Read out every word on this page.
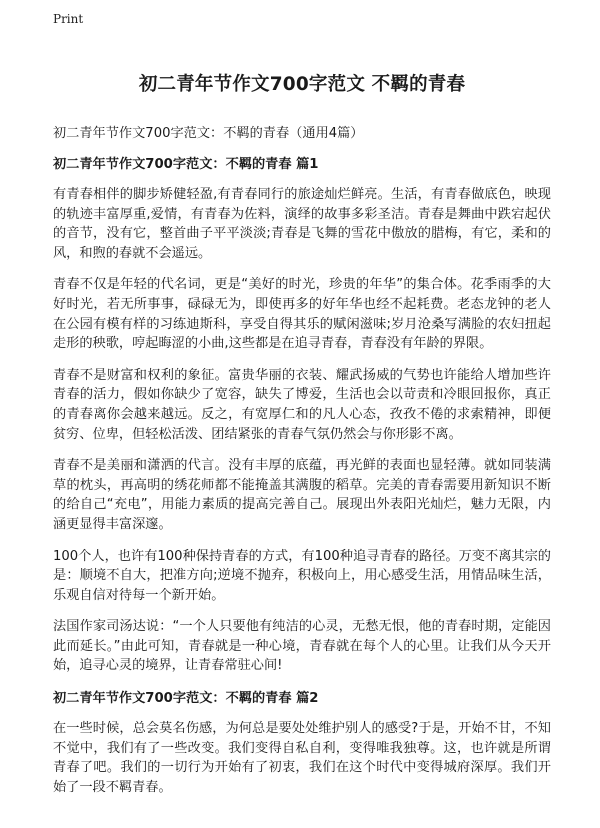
Print
初二青年节作文700字范文 不羁的青春
初二青年节作文700字范文：不羁的青春（通用4篇）
初二青年节作文700字范文：不羁的青春 篇1

有青春相伴的脚步矫健轻盈,有青春同行的旅途灿烂鲜亮。生活，有青春做底色，映现的轨迹丰富厚重,爱情，有青春为佐料，演绎的故事多彩圣洁。青春是舞曲中跌宕起伏的音节，没有它，整首曲子平平淡淡;青春是飞舞的雪花中傲放的腊梅，有它，柔和的风，和煦的春就不会遥远。

青春不仅是年轻的代名词，更是“美好的时光，珍贵的年华”的集合体。花季雨季的大好时光，若无所事事，碌碌无为，即使再多的好年华也经不起耗费。老态龙钟的老人在公园有模有样的习练迪斯科，享受自得其乐的赋闲滋味;岁月沧桑写满脸的农妇扭起走形的秧歌，哼起晦涩的小曲,这些都是在追寻青春，青春没有年龄的界限。

青春不是财富和权利的象征。富贵华丽的衣装、耀武扬威的气势也许能给人增加些许青春的活力，假如你缺少了宽容，缺失了博爱，生活也会以苛责和冷眼回报你，真正的青春离你会越来越远。反之，有宽厚仁和的凡人心态，孜孜不倦的求索精神，即便贫穷、位卑，但轻松活泼、团结紧张的青春气氛仍然会与你形影不离。

青春不是美丽和潇洒的代言。没有丰厚的底蕴，再光鲜的表面也显轻薄。就如同装满草的枕头，再高明的绣花师都不能掩盖其满腹的稻草。完美的青春需要用新知识不断的给自己“充电”，用能力素质的提高完善自己。展现出外表阳光灿烂，魅力无限，内涵更显得丰富深邃。

100个人，也许有100种保持青春的方式，有100种追寻青春的路径。万变不离其宗的是：顺境不自大，把准方向;逆境不抛弃，积极向上，用心感受生活，用情品味生活，乐观自信对待每一个新开始。

法国作家司汤达说：“一个人只要他有纯洁的心灵，无愁无恨，他的青春时期，定能因此而延长。”由此可知，青春就是一种心境，青春就在每个人的心里。让我们从今天开始，追寻心灵的境界，让青春常驻心间!

初二青年节作文700字范文：不羁的青春 篇2

在一些时候，总会莫名伤感，为何总是要处处维护别人的感受?于是，开始不甘，不知不觉中，我们有了一些改变。我们变得自私自利，变得唯我独尊。这，也许就是所谓青春了吧。我们的一切行为开始有了初衷，我们在这个时代中变得城府深厚。我们开始了一段不羁青春。
